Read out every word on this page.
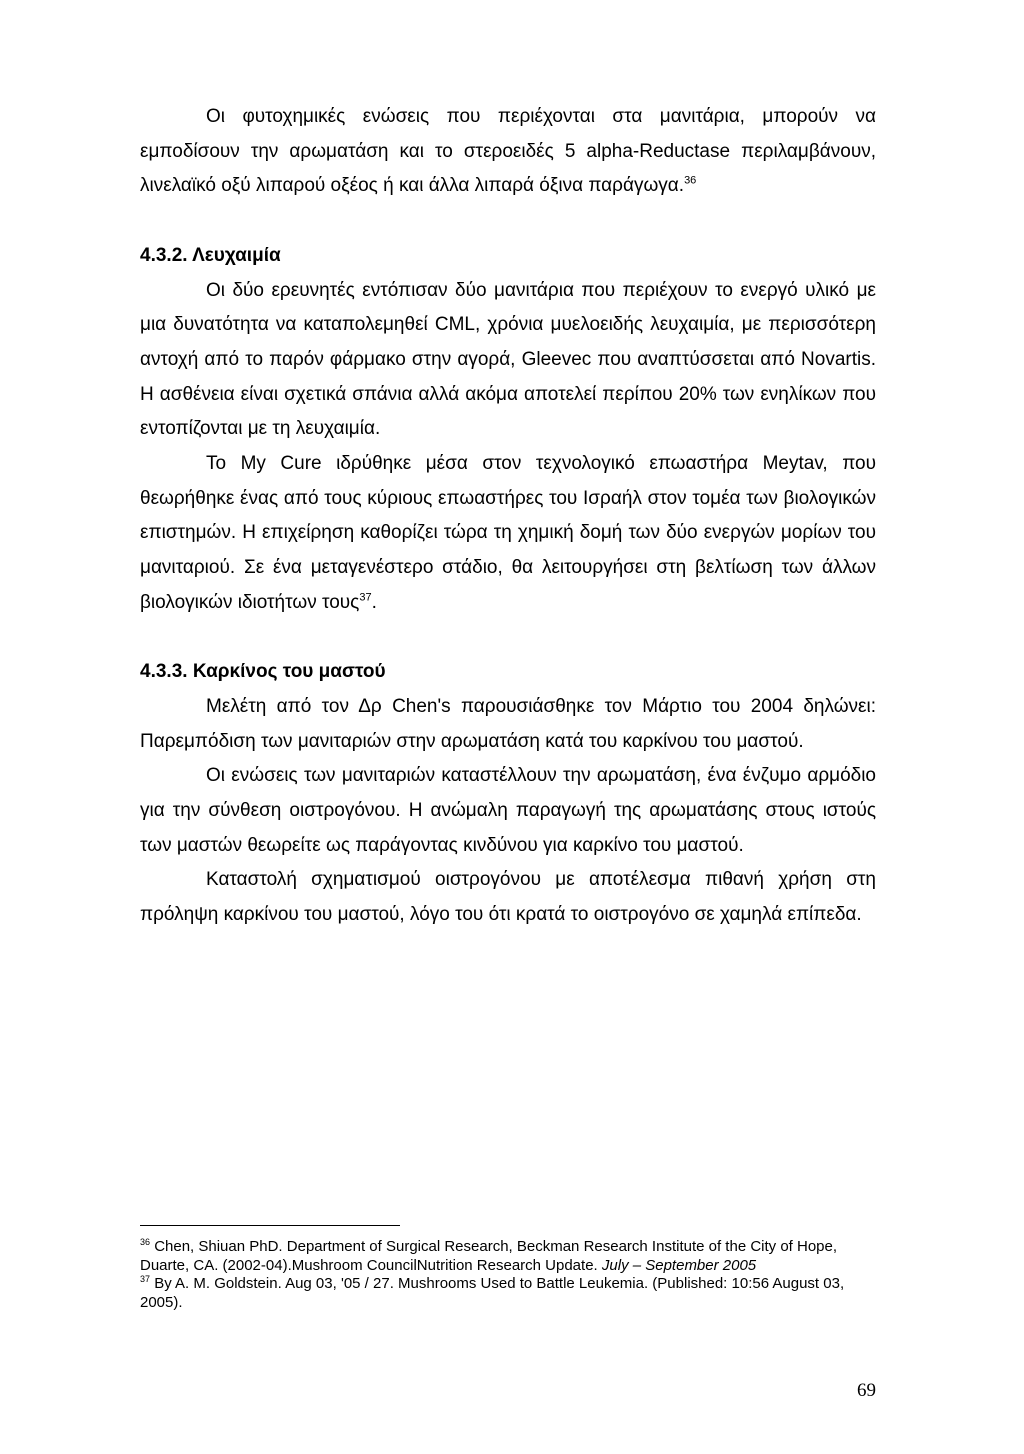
Οι φυτοχημικές ενώσεις που περιέχονται στα μανιτάρια, μπορούν να εμποδίσουν την αρωματάση και το στεροειδές 5 alpha-Reductase περιλαμβάνουν, λινελαϊκό οξύ λιπαρού οξέος ή και άλλα λιπαρά όξινα παράγωγα.$^{36}$

4.3.2. Λευχαιμία

Οι δύο ερευνητές εντόπισαν δύο μανιτάρια που περιέχουν το ενεργό υλικό με μια δυνατότητα να καταπολεμηθεί CML, χρόνια μυελοειδής λευχαιμία, με περισσότερη αντοχή από το παρόν φάρμακο στην αγορά, Gleevec που αναπτύσσεται από Novartis. Η ασθένεια είναι σχετικά σπάνια αλλά ακόμα αποτελεί περίπου 20% των ενηλίκων που εντοπίζονται με τη λευχαιμία.

Το My Cure ιδρύθηκε μέσα στον τεχνολογικό επωαστήρα Meytav, που θεωρήθηκε ένας από τους κύριους επωαστήρες του Ισραήλ στον τομέα των βιολογικών επιστημών. Η επιχείρηση καθορίζει τώρα τη χημική δομή των δύο ενεργών μορίων του μανιταριού. Σε ένα μεταγενέστερο στάδιο, θα λειτουργήσει στη βελτίωση των άλλων βιολογικών ιδιοτήτων τους$^{37}$.

4.3.3. Καρκίνος του μαστού

Μελέτη από τον Δρ Chen's παρουσιάσθηκε τον Μάρτιο του 2004 δηλώνει: Παρεμπόδιση των μανιταριών στην αρωματάση κατά του καρκίνου του μαστού.

Οι ενώσεις των μανιταριών καταστέλλουν την αρωματάση, ένα ένζυμο αρμόδιο για την σύνθεση οιστρογόνου. Η ανώμαλη παραγωγή της αρωματάσης στους ιστούς των μαστών θεωρείτε ως παράγοντας κινδύνου για καρκίνο του μαστού.

Καταστολή σχηματισμού οιστρογόνου με αποτέλεσμα πιθανή χρήση στη πρόληψη καρκίνου του μαστού, λόγο του ότι κρατά το οιστρογόνο σε χαμηλά επίπεδα.

$^{36}$ Chen, Shiuan PhD. Department of Surgical Research, Beckman Research Institute of the City of Hope, Duarte, CA. (2002-04).Mushroom CouncilNutrition Research Update. July – September 2005

$^{37}$ By A. M. Goldstein. Aug 03, '05 / 27. Mushrooms Used to Battle Leukemia. (Published: 10:56 August 03, 2005).

69
